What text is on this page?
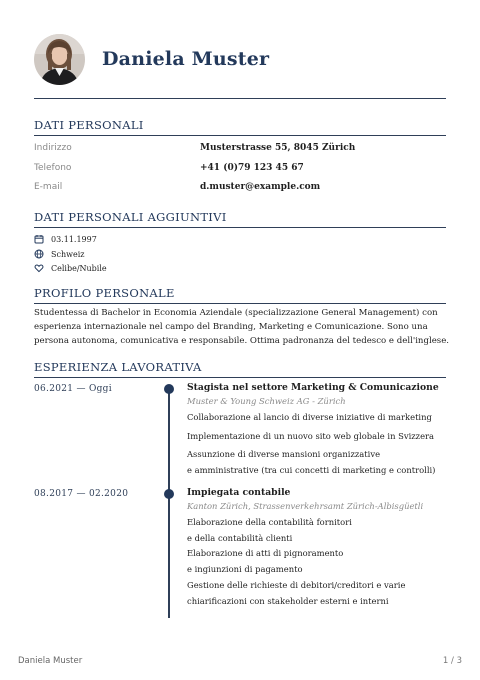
Daniela Muster
DATI PERSONALI
Indirizzo	Musterstrasse 55, 8045 Zürich
Telefono	+41 (0)79 123 45 67
E-mail	d.muster@example.com
DATI PERSONALI AGGIUNTIVI
03.11.1997
Schweiz
Celibe/Nubile
PROFILO PERSONALE
Studentessa di Bachelor in Economia Aziendale (specializzazione General Management) con
esperienza internazionale nel campo del Branding, Marketing e Comunicazione. Sono una
persona autonoma, comunicativa e responsabile. Ottima padronanza del tedesco e dell'inglese.
ESPERIENZA LAVORATIVA
06.2021 — Oggi	Stagista nel settore Marketing & Comunicazione
Muster & Young Schweiz AG - Zürich
Collaborazione al lancio di diverse iniziative di marketing
Implementazione di un nuovo sito web globale in Svizzera
Assunzione di diverse mansioni organizzative
e amministrative (tra cui concetti di marketing e controlli)
08.2017 — 02.2020	Impiegata contabile
Kanton Zürich, Strassenverkehrsamt Zürich-Albisgüetli
Elaborazione della contabilità fornitori
e della contabilità clienti
Elaborazione di atti di pignoramento
e ingiunzioni di pagamento
Gestione delle richieste di debitori/creditori e varie
chiarificazioni con stakeholder esterni e interni
Daniela Muster	1 / 3
